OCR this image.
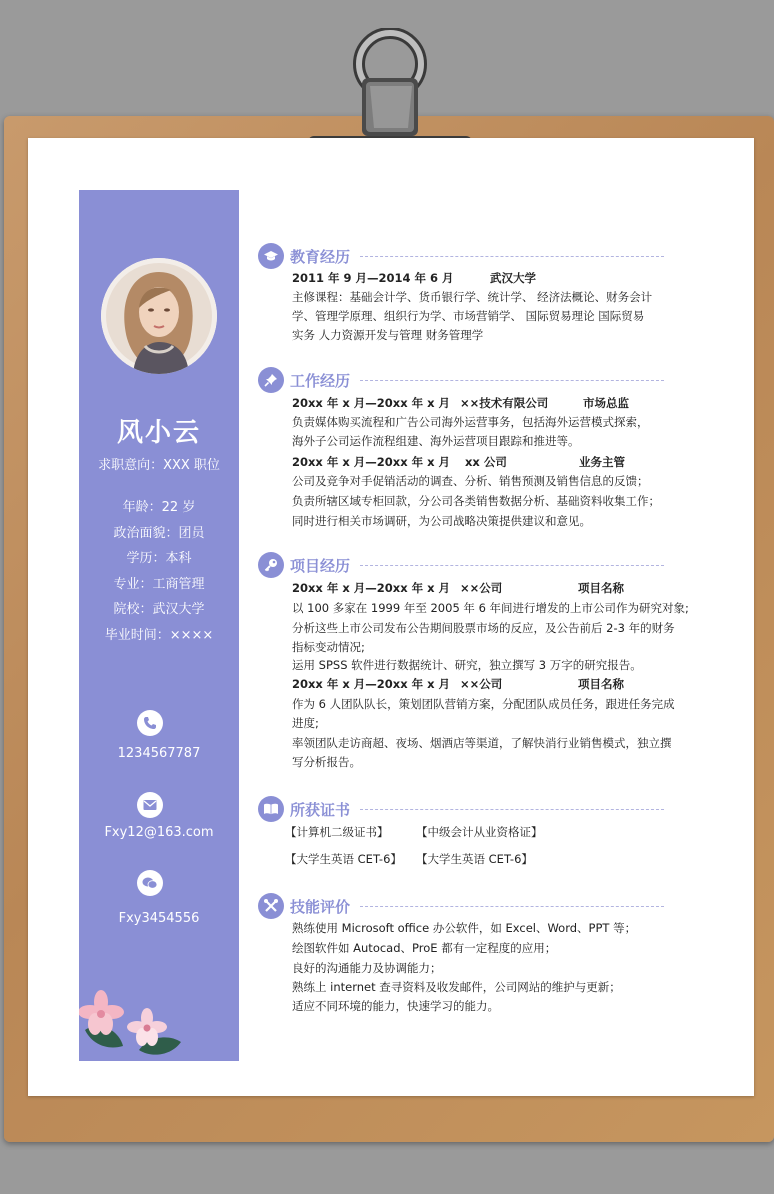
风小云
求职意向：XXX 职位
年龄：22 岁
政治面貌：团员
学历：本科
专业：工商管理
院校：武汉大学
毕业时间：××××
1234567787
Fxy12@163.com
Fxy3454556
教育经历
2011 年 9 月—2014 年 6 月	武汉大学
主修课程：基础会计学、货币银行学、统计学、 经济法概论、财务会计
学、管理学原理、组织行为学、市场营销学、 国际贸易理论 国际贸易
实务 人力资源开发与管理 财务管理学
工作经历
20xx 年 x 月—20xx 年 x 月 ××技术有限公司	市场总监
负责媒体购买流程和广告公司海外运营事务，包括海外运营模式探索，
海外子公司运作流程组建、海外运营项目跟踪和推进等。
20xx 年 x 月—20xx 年 x 月 xx 公司	业务主管
公司及竞争对手促销活动的调查、分析、销售预测及销售信息的反馈；
负责所辖区域专柜回款，分公司各类销售数据分析、基础资料收集工作；
同时进行相关市场调研，为公司战略决策提供建议和意见。
项目经历
20xx 年 x 月—20xx 年 x 月 ××公司	项目名称
以 100 多家在 1999 年至 2005 年 6 年间进行增发的上市公司作为研究对象;
分析这些上市公司发布公告期间股票市场的反应，及公告前后 2-3 年的财务
指标变动情况;
运用 SPSS 软件进行数据统计、研究，独立撰写 3 万字的研究报告。
20xx 年 x 月—20xx 年 x 月 ××公司	项目名称
作为 6 人团队队长，策划团队营销方案，分配团队成员任务，跟进任务完成
进度;
率领团队走访商超、夜场、烟酒店等渠道，了解快消行业销售模式，独立撰
写分析报告。
所获证书
【计算机二级证书】 【中级会计从业资格证】
【大学生英语 CET-6】 【大学生英语 CET-6】
技能评价
熟练使用 Microsoft office 办公软件，如 Excel、Word、PPT 等；
绘图软件如 Autocad、ProE 都有一定程度的应用；
良好的沟通能力及协调能力；
熟练上 internet 查寻资料及收发邮件，公司网站的维护与更新；
适应不同环境的能力，快速学习的能力。
